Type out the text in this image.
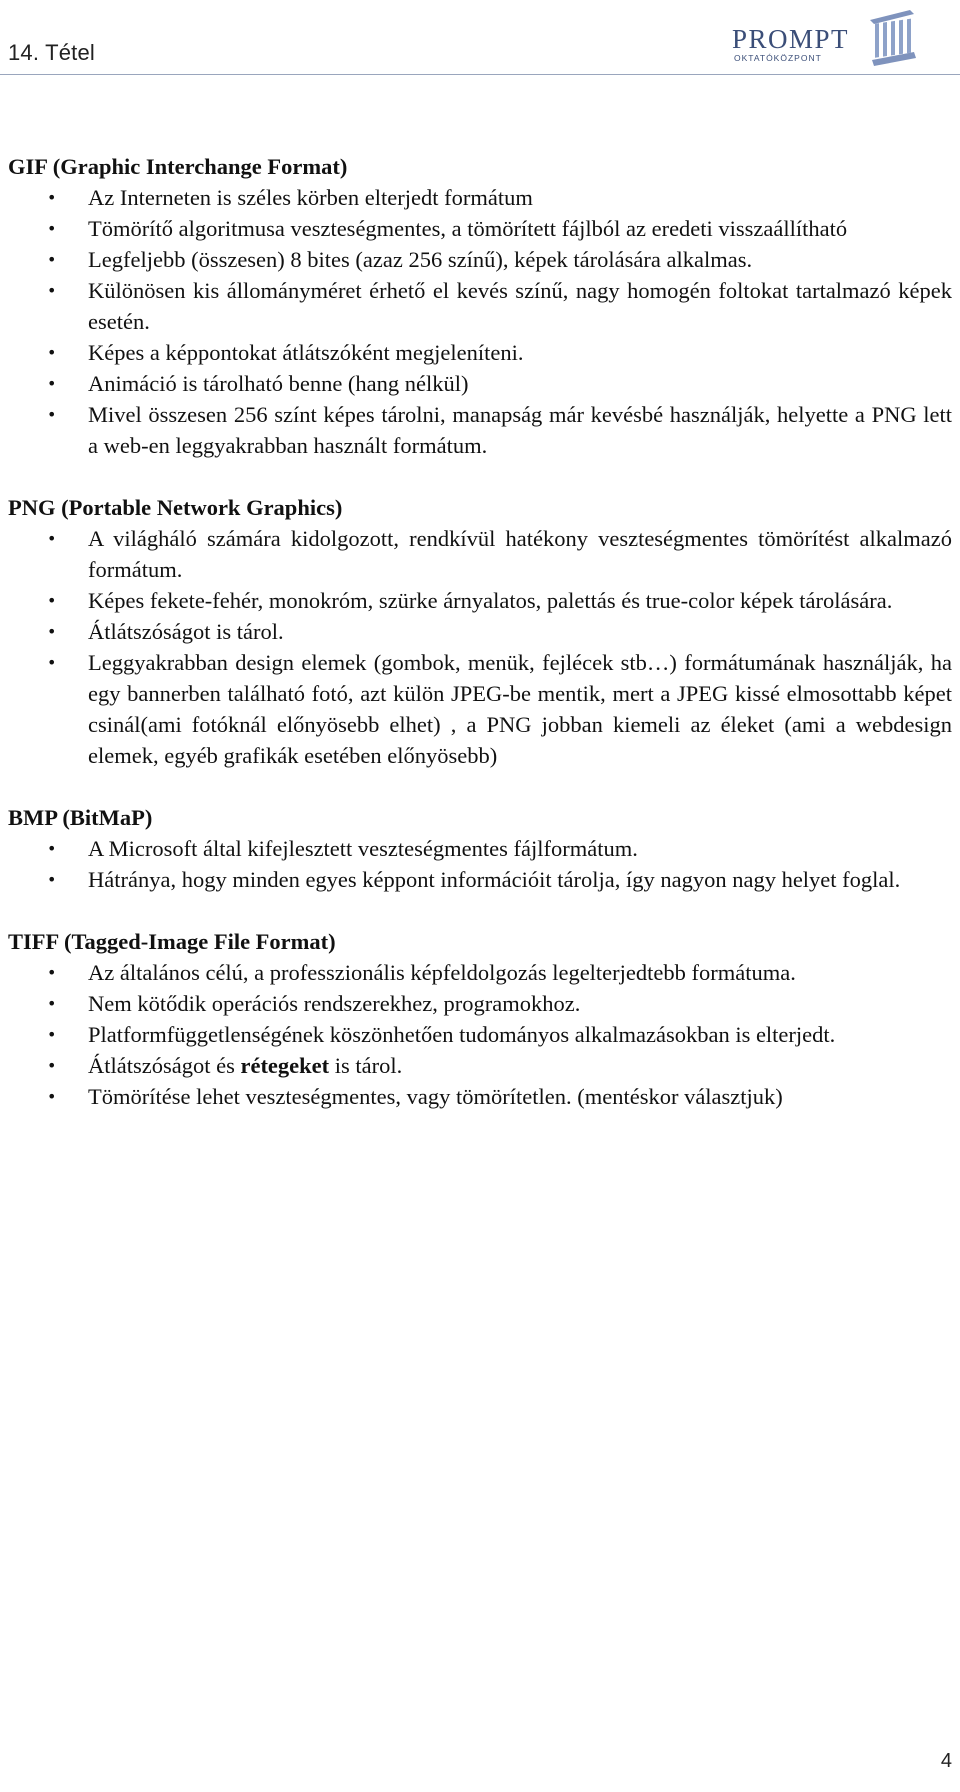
14. Tétel	PROMPT
OKTATÓKÖZPONT
GIF (Graphic Interchange Format)
• Az Interneten is széles körben elterjedt formátum
• Tömörítő algoritmusa veszteségmentes, a tömörített fájlból az eredeti visszaállítható
• Legfeljebb (összesen) 8 bites (azaz 256 színű), képek tárolására alkalmas.
• Különösen kis állományméret érhető el kevés színű, nagy homogén foltokat tartalmazó képek esetén.
• Képes a képpontokat átlátszóként megjeleníteni.
• Animáció is tárolható benne (hang nélkül)
• Mivel összesen 256 színt képes tárolni, manapság már kevésbé használják, helyette a PNG lett a web-en leggyakrabban használt formátum.
PNG (Portable Network Graphics)
• A világháló számára kidolgozott, rendkívül hatékony veszteségmentes tömörítést alkalmazó formátum.
• Képes fekete-fehér, monokróm, szürke árnyalatos, palettás és true-color képek tárolására.
• Átlátszóságot is tárol.
• Leggyakrabban design elemek (gombok, menük, fejlécek stb…) formátumának használják, ha egy bannerben található fotó, azt külön JPEG-be mentik, mert a JPEG kissé elmosottabb képet csinál(ami fotóknál előnyösebb elhet) , a PNG jobban kiemeli az éleket (ami a webdesign elemek, egyéb grafikák esetében előnyösebb)
BMP (BitMaP)
• A Microsoft által kifejlesztett veszteségmentes fájlformátum.
• Hátránya, hogy minden egyes képpont információit tárolja, így nagyon nagy helyet foglal.
TIFF (Tagged-Image File Format)
• Az általános célú, a professzionális képfeldolgozás legelterjedtebb formátuma.
• Nem kötődik operációs rendszerekhez, programokhoz.
• Platformfüggetlenségének köszönhetően tudományos alkalmazásokban is elterjedt.
• Átlátszóságot és rétegeket is tárol.
• Tömörítése lehet veszteségmentes, vagy tömörítetlen. (mentéskor választjuk)
4
